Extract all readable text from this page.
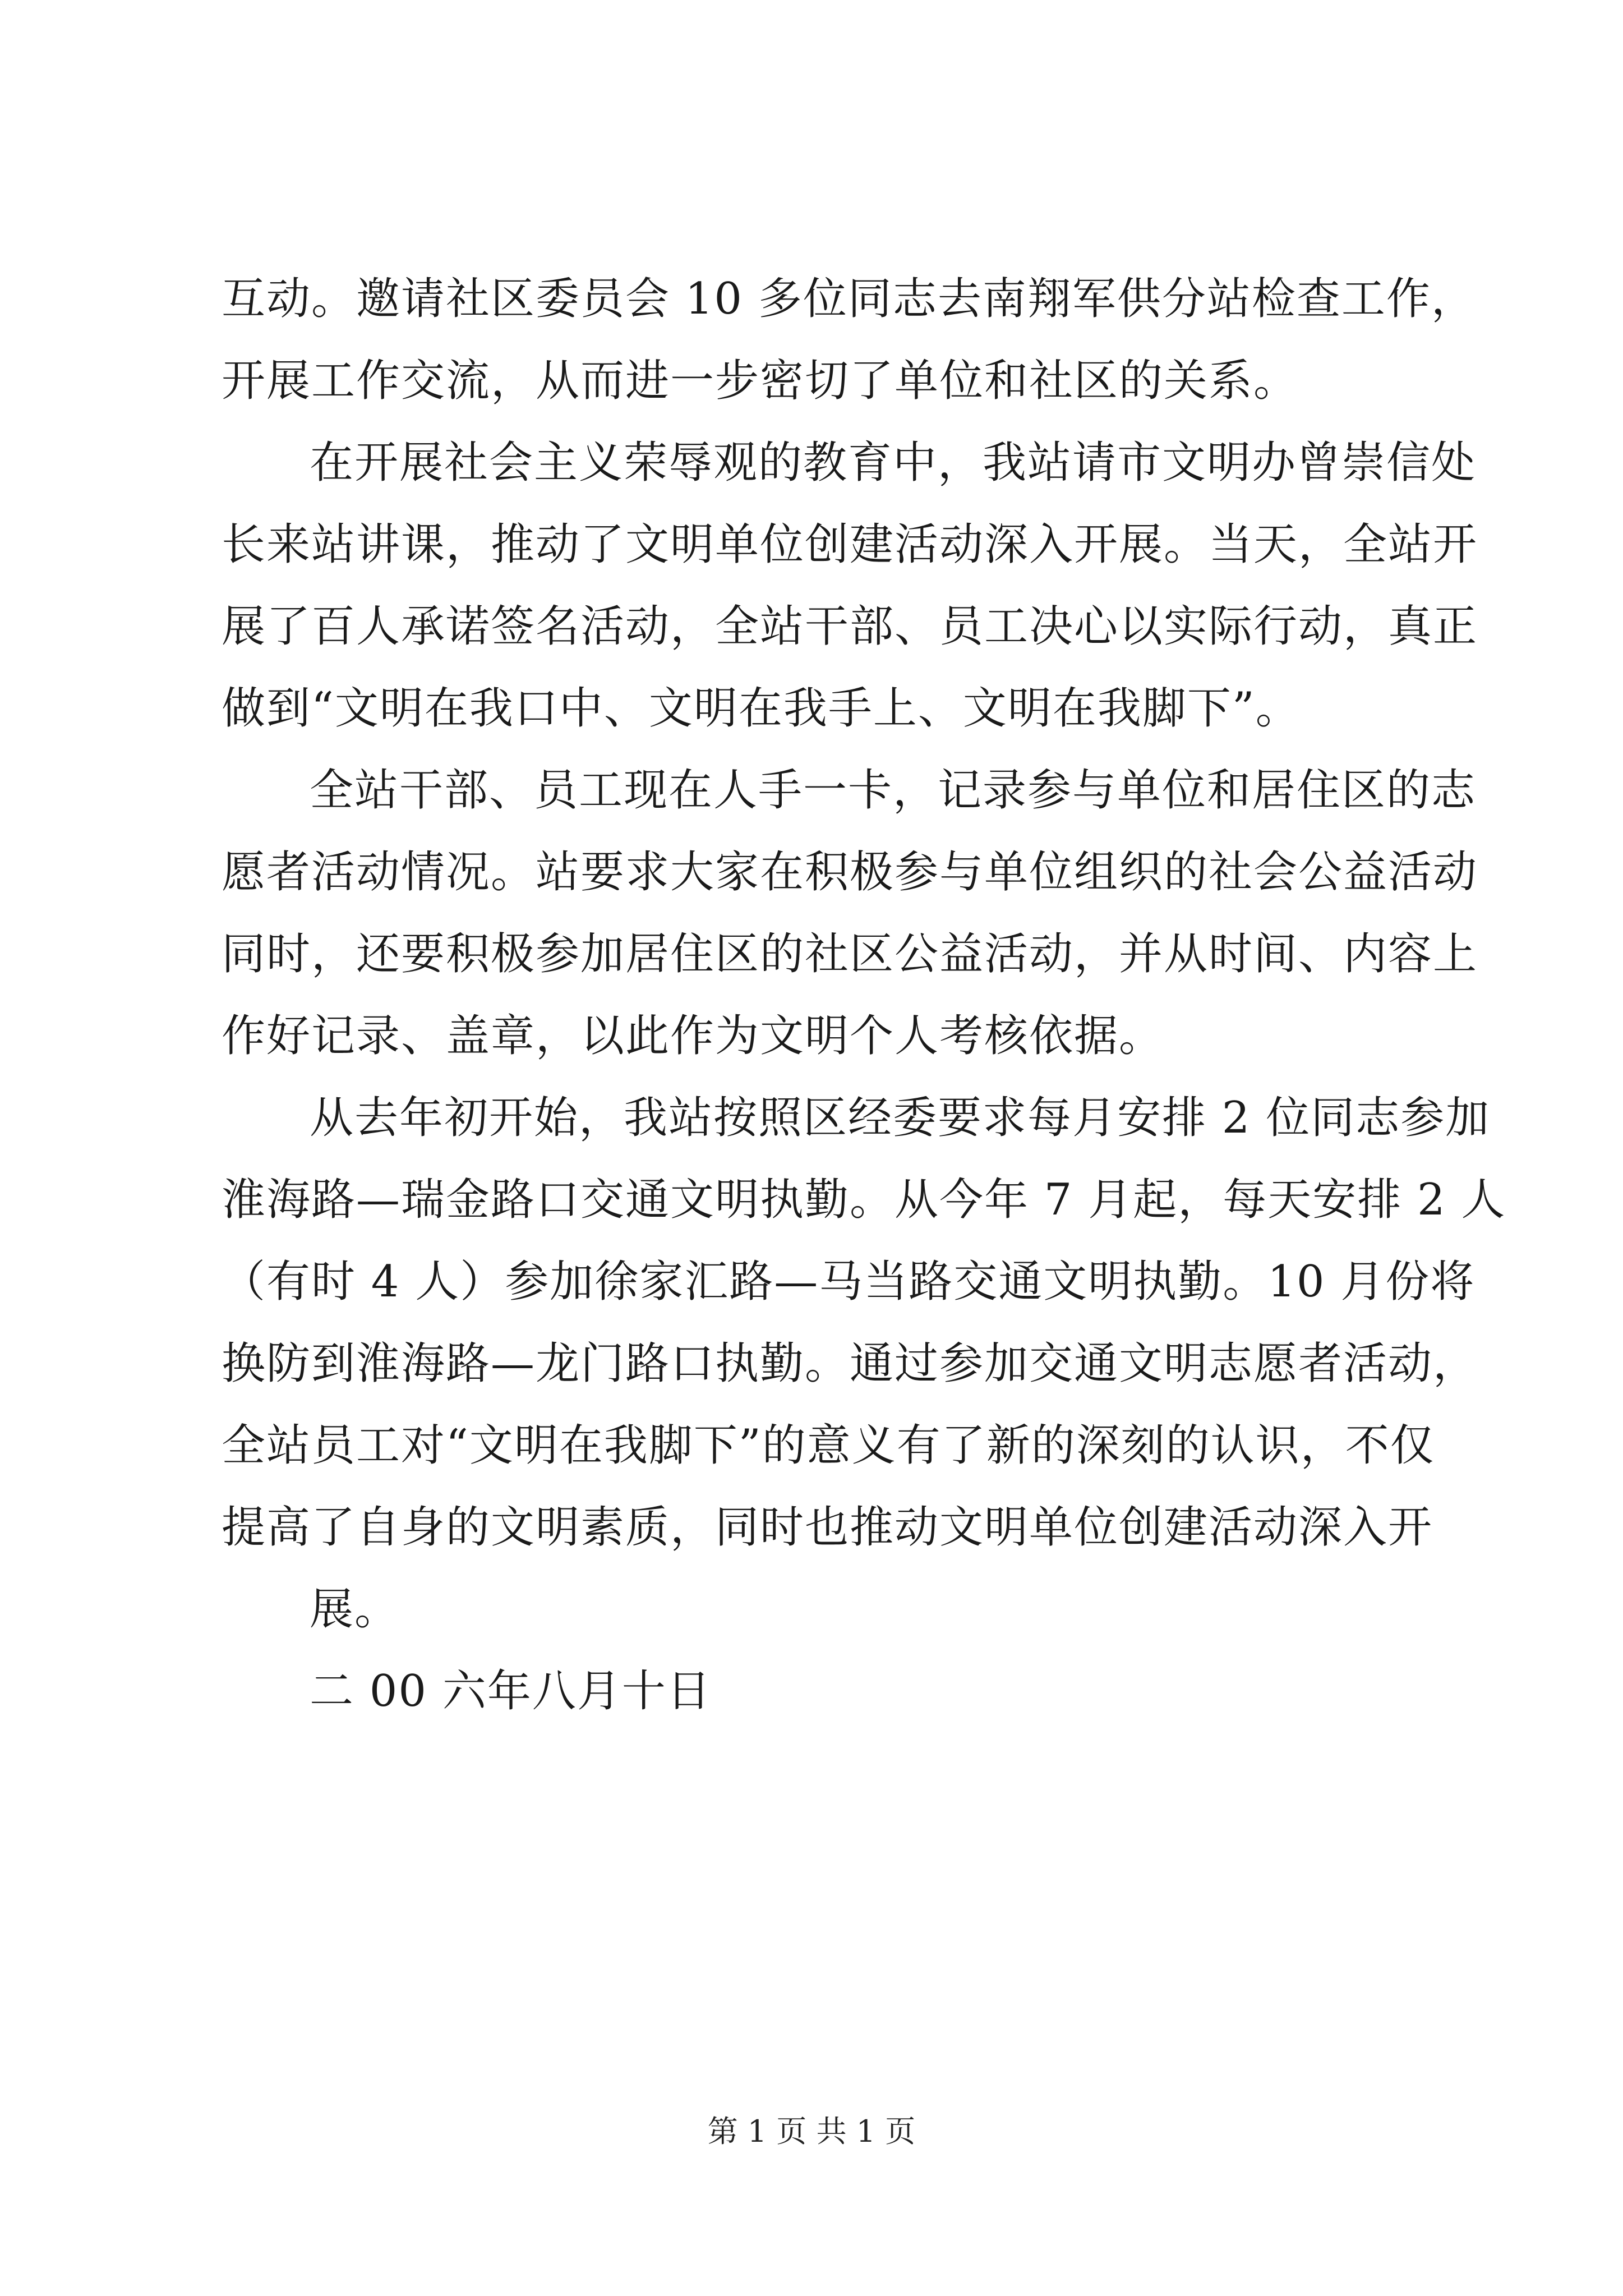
互动。邀请社区委员会 10 多位同志去南翔军供分站检查工作，
开展工作交流，从而进一步密切了单位和社区的关系。
在开展社会主义荣辱观的教育中，我站请市文明办曾崇信处
长来站讲课，推动了文明单位创建活动深入开展。当天，全站开
展了百人承诺签名活动，全站干部、员工决心以实际行动，真正
做到“文明在我口中、文明在我手上、文明在我脚下”。
全站干部、员工现在人手一卡，记录参与单位和居住区的志
愿者活动情况。站要求大家在积极参与单位组织的社会公益活动
同时，还要积极参加居住区的社区公益活动，并从时间、内容上
作好记录、盖章，以此作为文明个人考核依据。
从去年初开始，我站按照区经委要求每月安排 2 位同志参加
淮海路—瑞金路口交通文明执勤。从今年 7 月起，每天安排 2 人
（有时 4 人）参加徐家汇路—马当路交通文明执勤。10 月份将
换防到淮海路—龙门路口执勤。通过参加交通文明志愿者活动，
全站员工对“文明在我脚下”的意义有了新的深刻的认识，不仅
提高了自身的文明素质，同时也推动文明单位创建活动深入开
展。
二 00 六年八月十日
第 1 页 共 1 页
